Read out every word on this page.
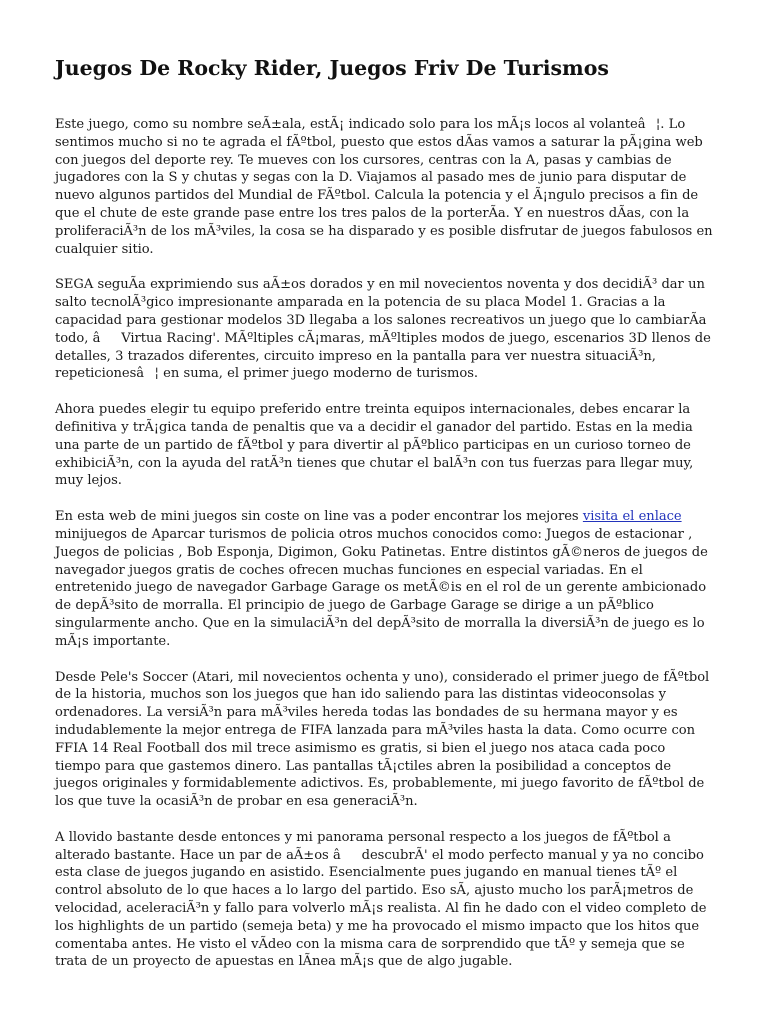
Juegos De Rocky Rider, Juegos Friv De Turismos

Este juego, como su nombre seÃ±ala, estÃ¡ indicado solo para los mÃ¡s locos al volanteâ¦. Lo sentimos mucho si no te agrada el fÃºtbol, puesto que estos dÃas vamos a saturar la pÃ¡gina web con juegos del deporte rey. Te mueves con los cursores, centras con la A, pasas y cambias de jugadores con la S y chutas y segas con la D. Viajamos al pasado mes de junio para disputar de nuevo algunos partidos del Mundial de FÃºtbol. Calcula la potencia y el Ã¡ngulo precisos a fin de que el chute de este grande pase entre los tres palos de la porterÃa. Y en nuestros dÃas, con la proliferaciÃ³n de los mÃ³viles, la cosa se ha disparado y es posible disfrutar de juegos fabulosos en cualquier sitio.

SEGA seguÃa exprimiendo sus aÃ±os dorados y en mil novecientos noventa y dos decidiÃ³ dar un salto tecnolÃ³gico impresionante amparada en la potencia de su placa Model 1. Gracias a la capacidad para gestionar modelos 3D llegaba a los salones recreativos un juego que lo cambiarÃa todo, âVirtua Racing'. MÃºltiples cÃ¡maras, mÃºltiples modos de juego, escenarios 3D llenos de detalles, 3 trazados diferentes, circuito impreso en la pantalla para ver nuestra situaciÃ³n, repeticionesâ¦ en suma, el primer juego moderno de turismos.

Ahora puedes elegir tu equipo preferido entre treinta equipos internacionales, debes encarar la definitiva y trÃ¡gica tanda de penaltis que va a decidir el ganador del partido. Estas en la media una parte de un partido de fÃºtbol y para divertir al pÃºblico participas en un curioso torneo de exhibiciÃ³n, con la ayuda del ratÃ³n tienes que chutar el balÃ³n con tus fuerzas para llegar muy, muy lejos.

En esta web de mini juegos sin coste on line vas a poder encontrar los mejores visita el enlace minijuegos de Aparcar turismos de policia otros muchos conocidos como: Juegos de estacionar , Juegos de policias , Bob Esponja, Digimon, Goku Patinetas. Entre distintos gÃ©neros de juegos de navegador juegos gratis de coches ofrecen muchas funciones en especial variadas. En el entretenido juego de navegador Garbage Garage os metÃ©is en el rol de un gerente ambicionado de depÃ³sito de morralla. El principio de juego de Garbage Garage se dirige a un pÃºblico singularmente ancho. Que en la simulaciÃ³n del depÃ³sito de morralla la diversiÃ³n de juego es lo mÃ¡s importante.

Desde Pele's Soccer (Atari, mil novecientos ochenta y uno), considerado el primer juego de fÃºtbol de la historia, muchos son los juegos que han ido saliendo para las distintas videoconsolas y ordenadores. La versiÃ³n para mÃ³viles hereda todas las bondades de su hermana mayor y es indudablemente la mejor entrega de FIFA lanzada para mÃ³viles hasta la data. Como ocurre con FFIA 14 Real Football dos mil trece asimismo es gratis, si bien el juego nos ataca cada poco tiempo para que gastemos dinero. Las pantallas tÃ¡ctiles abren la posibilidad a conceptos de juegos originales y formidablemente adictivos. Es, probablemente, mi juego favorito de fÃºtbol de los que tuve la ocasiÃ³n de probar en esa generaciÃ³n.

A llovido bastante desde entonces y mi panorama personal respecto a los juegos de fÃºtbol a alterado bastante. Hace un par de aÃ±os âdescubrÃ' el modo perfecto manual y ya no concibo esta clase de juegos jugando en asistido. Esencialmente pues jugando en manual tienes tÃº el control absoluto de lo que haces a lo largo del partido. Eso sÃ, ajusto mucho los parÃ¡metros de velocidad, aceleraciÃ³n y fallo para volverlo mÃ¡s realista. Al fin he dado con el video completo de los highlights de un partido (semeja beta) y me ha provocado el mismo impacto que los hitos que comentaba antes. He visto el vÃdeo con la misma cara de sorprendido que tÃº y semeja que se trata de un proyecto de apuestas en lÃnea mÃ¡s que de algo jugable.
